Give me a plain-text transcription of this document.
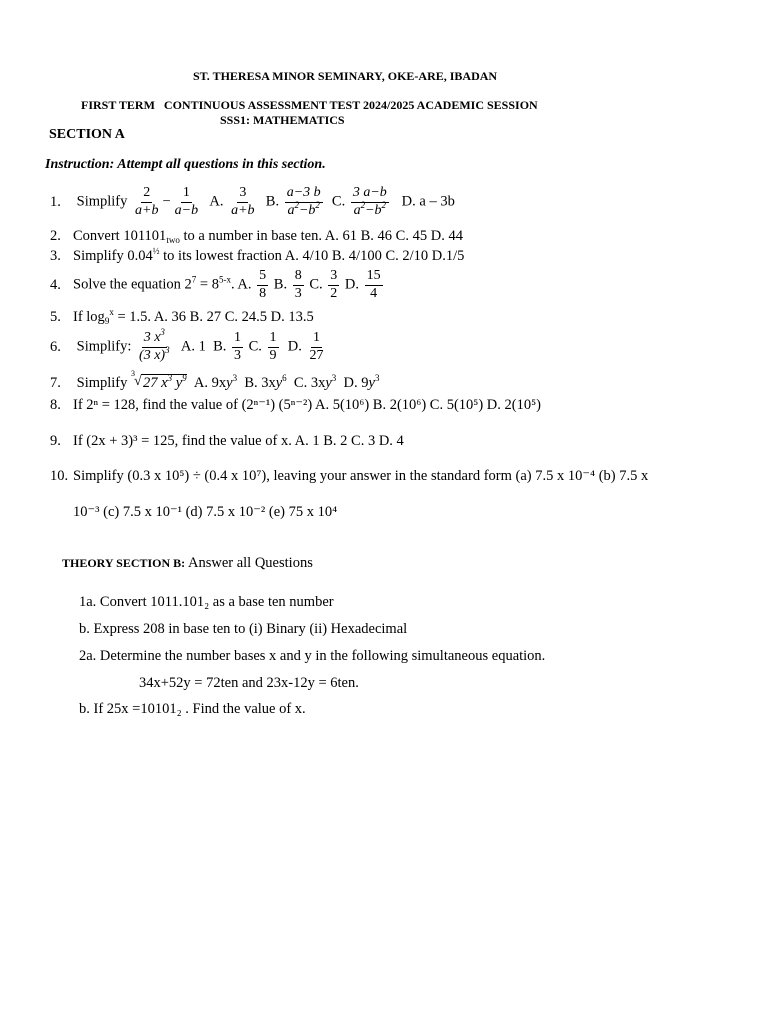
ST. THERESA MINOR SEMINARY, OKE-ARE, IBADAN
FIRST TERM CONTINUOUS ASSESSMENT TEST 2024/2025 ACADEMIC SESSION
SSS1: MATHEMATICS
SECTION A
Instruction: Attempt all questions in this section.
1. Simplify $\frac{2}{a+b} - \frac{1}{a-b} A$. $\frac{3}{a+b} B$. $\frac{a-3 b}{a^2-b^2} C$. $\frac{3 a-b}{a^2-b^2} D$. a – 3b
2. Convert $101101_{two}$ to a number in base ten. A. 61 B. 46 C. 45 D. 44
3. Simplify $0.04^{\frac{1}{2}}$ to its lowest fraction A. 4/10 B. 4/100 C. 2/10 D.1/5
4. Solve the equation $2^7 = 8^{5-x}$. A. $\frac{5}{8} B$. $\frac{8}{3} C$. $\frac{3}{2} D$. $\frac{15}{4}$
5. If $\log_9^x = 1.5$. A. 36 B. 27 C. 24.5 D. 13.5
6. Simplify: $\frac{3 x^3}{(3 x)^3} A$. 1  B. $\frac{1}{3} C$. $\frac{1}{9} D$. $\frac{1}{27}$
7. Simplify
3
√ 27 $x^3$ $y^9$  A. $9xy^3$  B. $3xy^6$  C. $3xy^3$  D. $9y^3$
8. If 2ⁿ = 128, find the value of (2ⁿ⁻¹) (5ⁿ⁻²) A. 5(10⁶) B. 2(10⁶) C. 5(10⁵) D. 2(10⁵)
9. If (2x + 3)³ = 125, find the value of x. A. 1 B. 2 C. 3 D. 4
10. Simplify (0.3 x 10⁵) ÷ (0.4 x 10⁷), leaving your answer in the standard form (a) 7.5 x 10⁻⁴ (b) 7.5 x
10⁻³ (c) 7.5 x 10⁻¹ (d) 7.5 x 10⁻² (e) 75 x 10⁴
THEORY SECTION B: Answer all Questions
1a. Convert 1011.101₂ as a base ten number
b. Express 208 in base ten to (i) Binary (ii) Hexadecimal
2a. Determine the number bases x and y in the following simultaneous equation.
34x+52y = 72ten and 23x-12y = 6ten.
b. If 25x =10101₂ . Find the value of x.
